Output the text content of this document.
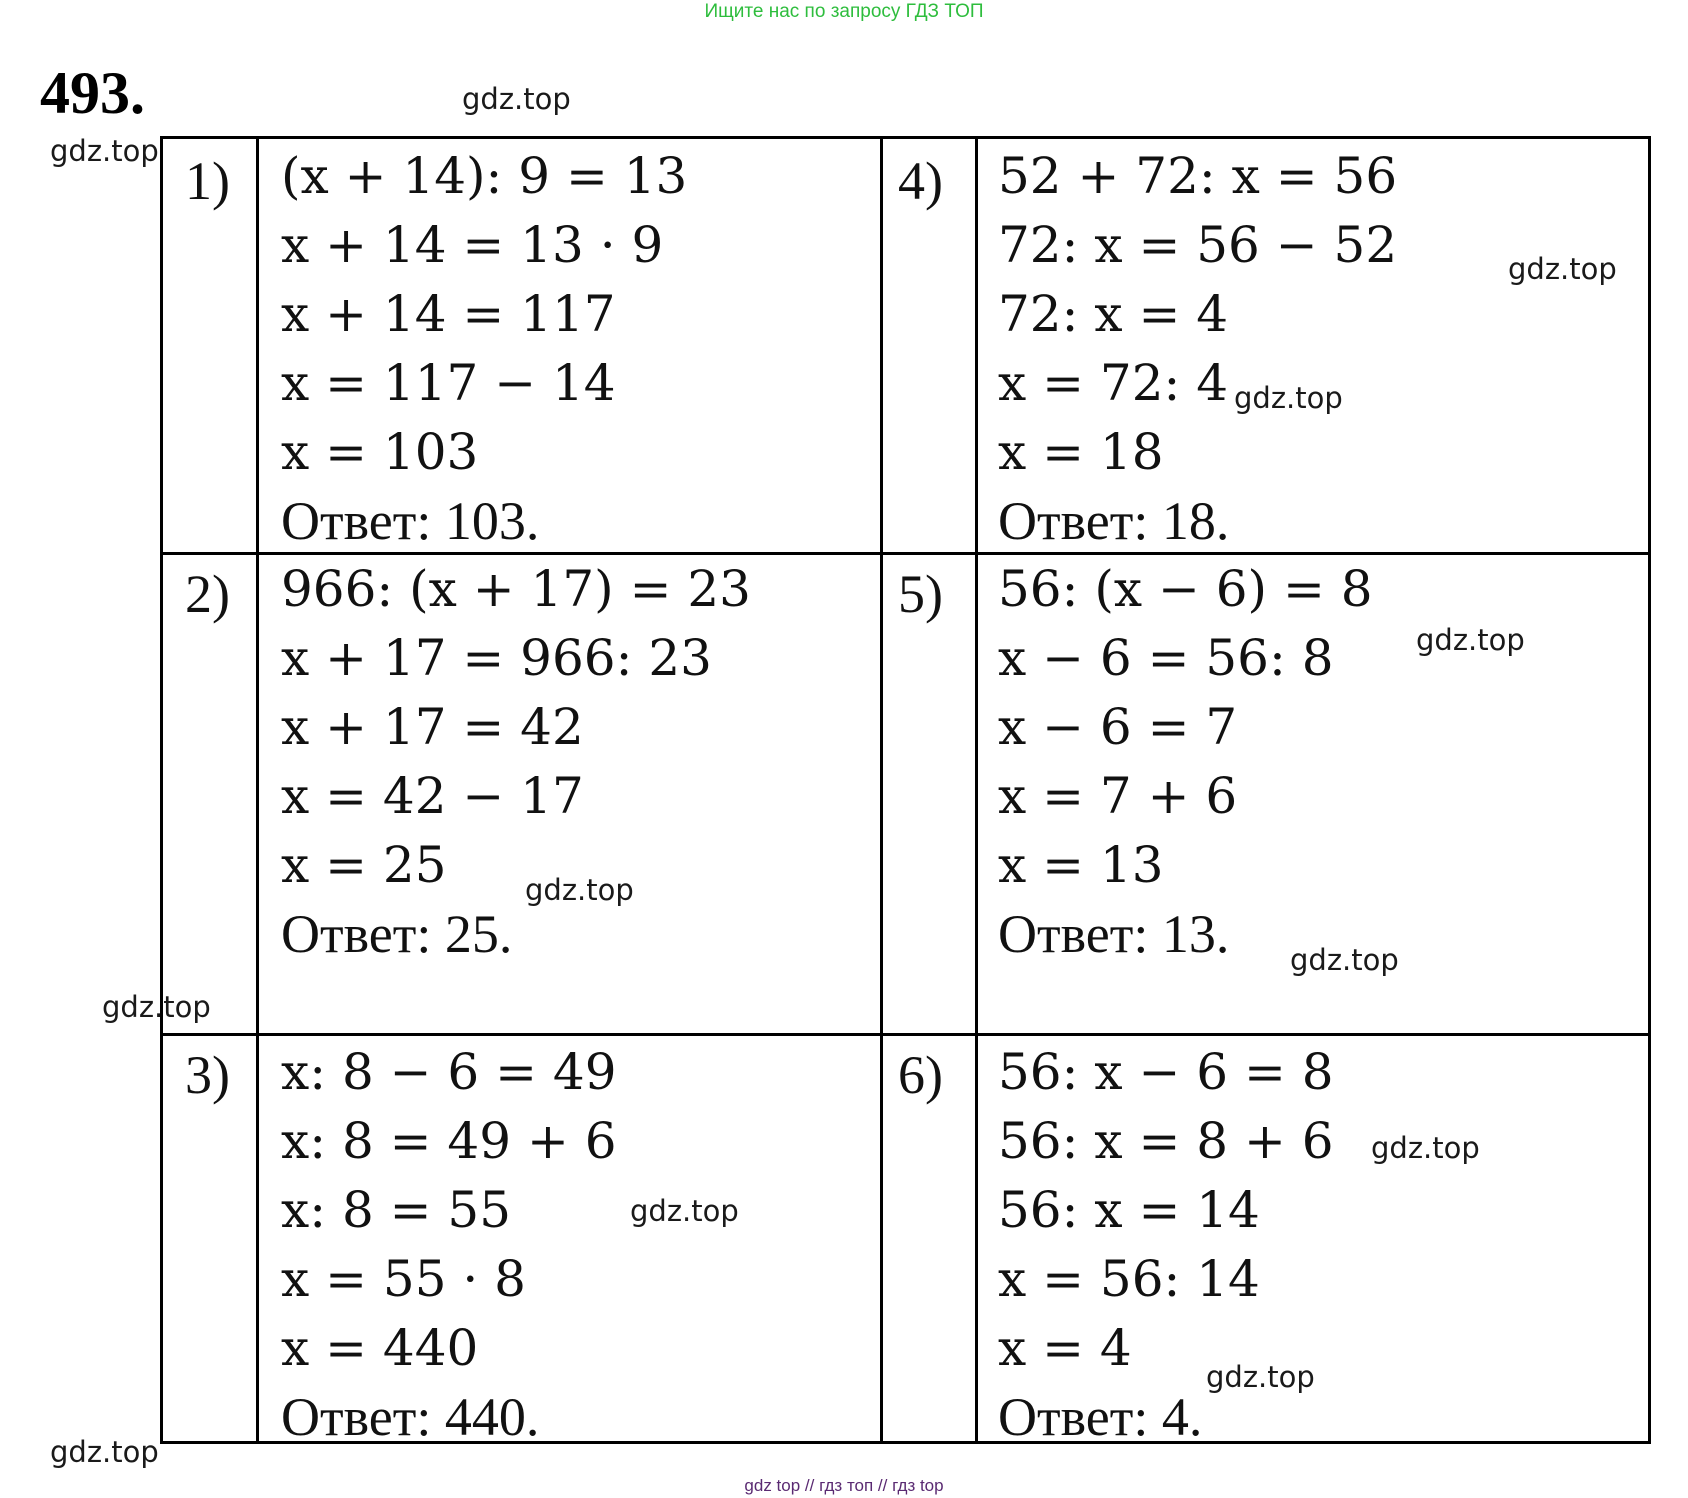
Ищите нас по запросу ГДЗ ТОП
493.
1) (x + 14): 9 = 13
x + 14 = 13 · 9
x + 14 = 117
x = 117 − 14
x = 103
Ответ: 103.
2) 966: (x + 17) = 23
x + 17 = 966: 23
x + 17 = 42
x = 42 − 17
x = 25
Ответ: 25.
3) x: 8 − 6 = 49
x: 8 = 49 + 6
x: 8 = 55
x = 55 · 8
x = 440
Ответ: 440.
4) 52 + 72: x = 56
72: x = 56 − 52
72: x = 4
x = 72: 4
x = 18
Ответ: 18.
5) 56: (x − 6) = 8
x − 6 = 56: 8
x − 6 = 7
x = 7 + 6
x = 13
Ответ: 13.
6) 56: x − 6 = 8
56: x = 8 + 6
56: x = 14
x = 56: 14
x = 4
Ответ: 4.
gdz.top
gdz.top
gdz.top
gdz.top
gdz.top
gdz.top
gdz.top
gdz.top
gdz.top
gdz.top
gdz.top
gdz.top
gdz top // гдз топ // гдз top
